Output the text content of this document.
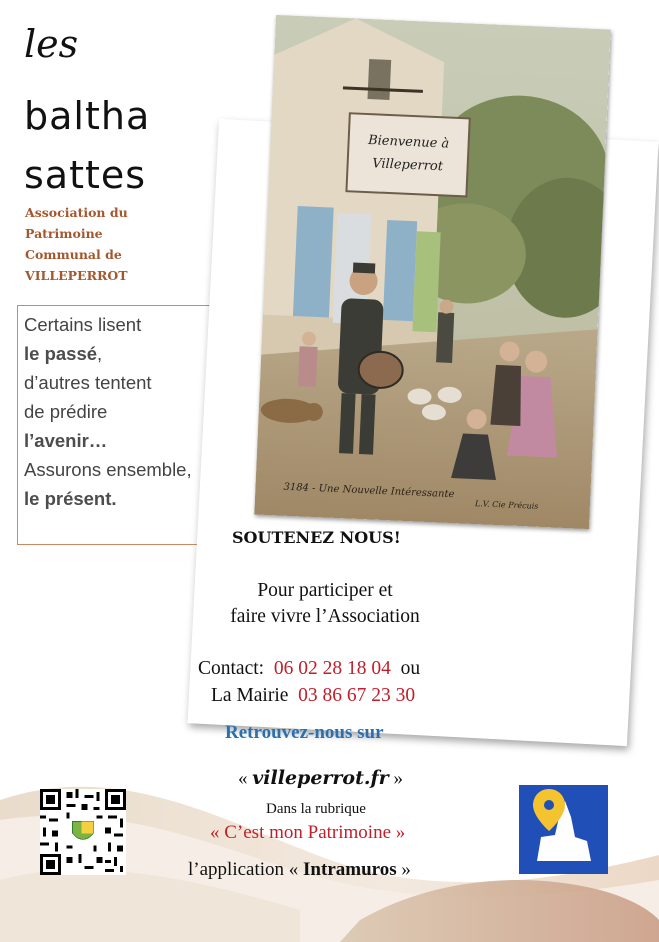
les
baltha
sattes
Association du
Patrimoine
Communal de
VILLEPERROT
Certains lisent
le passé,
d’autres tentent
de prédire
l’avenir…
Assurons ensemble,
le présent.
Bienvenue à
Villeperrot
3184 - Une Nouvelle Intéressante
L.V. Cie Précuis
SOUTENEZ NOUS!
Pour participer et
faire vivre l’Association
Contact: 06 02 28 18 04 ou
La Mairie 03 86 67 23 30
Retrouvez-nous sur
« villeperrot.fr »
Dans la rubrique
« C’est mon Patrimoine »
l’application « Intramuros »
